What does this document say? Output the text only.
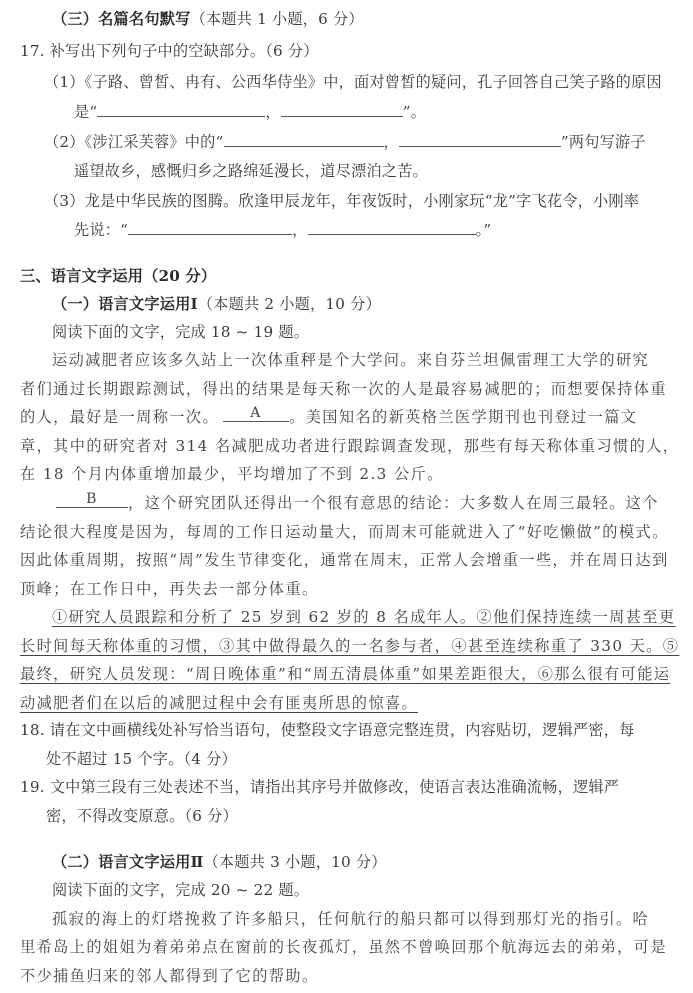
（三）名篇名句默写（本题共 1 小题，6 分）
17. 补写出下列句子中的空缺部分。（6 分）
（1）《子路、曾皙、冉有、公西华侍坐》中，面对曾皙的疑问，孔子回答自己笑子路的原因
是“	，	”。
（2）《涉江采芙蓉》中的“	，	”两句写游子
遥望故乡，感慨归乡之路绵延漫长，道尽漂泊之苦。
（3）龙是中华民族的图腾。欣逢甲辰龙年，年夜饭时，小刚家玩“龙”字飞花令，小刚率
先说：“	，	。”
三、语言文字运用（20 分）
（一）语言文字运用Ⅰ（本题共 2 小题，10 分）
阅读下面的文字，完成 18 ~ 19 题。
运动减肥者应该多久站上一次体重秤是个大学问。来自芬兰坦佩雷理工大学的研究
者们通过长期跟踪测试，得出的结果是每天称一次的人是最容易减肥的；而想要保持体重
的人，最好是一周称一次。	A	。美国知名的新英格兰医学期刊也刊登过一篇文
章，其中的研究者对 314 名减肥成功者进行跟踪调查发现，那些有每天称体重习惯的人，
在 18 个月内体重增加最少，平均增加了不到 2.3 公斤。
B	，这个研究团队还得出一个很有意思的结论：大多数人在周三最轻。这个
结论很大程度是因为，每周的工作日运动量大，而周末可能就进入了“好吃懒做”的模式。
因此体重周期，按照“周”发生节律变化，通常在周末，正常人会增重一些，并在周日达到
顶峰；在工作日中，再失去一部分体重。
①研究人员跟踪和分析了 25 岁到 62 岁的 8 名成年人。②他们保持连续一周甚至更
长时间每天称体重的习惯，③其中做得最久的一名参与者，④甚至连续称重了 330 天。⑤
最终，研究人员发现：“周日晚体重”和“周五清晨体重”如果差距很大，⑥那么很有可能运
动减肥者们在以后的减肥过程中会有匪夷所思的惊喜。
18. 请在文中画横线处补写恰当语句，使整段文字语意完整连贯，内容贴切，逻辑严密，每
处不超过 15 个字。（4 分）
19. 文中第三段有三处表述不当，请指出其序号并做修改，使语言表达准确流畅，逻辑严
密，不得改变原意。（6 分）
（二）语言文字运用Ⅱ（本题共 3 小题，10 分）
阅读下面的文字，完成 20 ~ 22 题。
孤寂的海上的灯塔挽救了许多船只，任何航行的船只都可以得到那灯光的指引。哈
里希岛上的姐姐为着弟弟点在窗前的长夜孤灯，虽然不曾唤回那个航海远去的弟弟，可是
不少捕鱼归来的邻人都得到了它的帮助。
